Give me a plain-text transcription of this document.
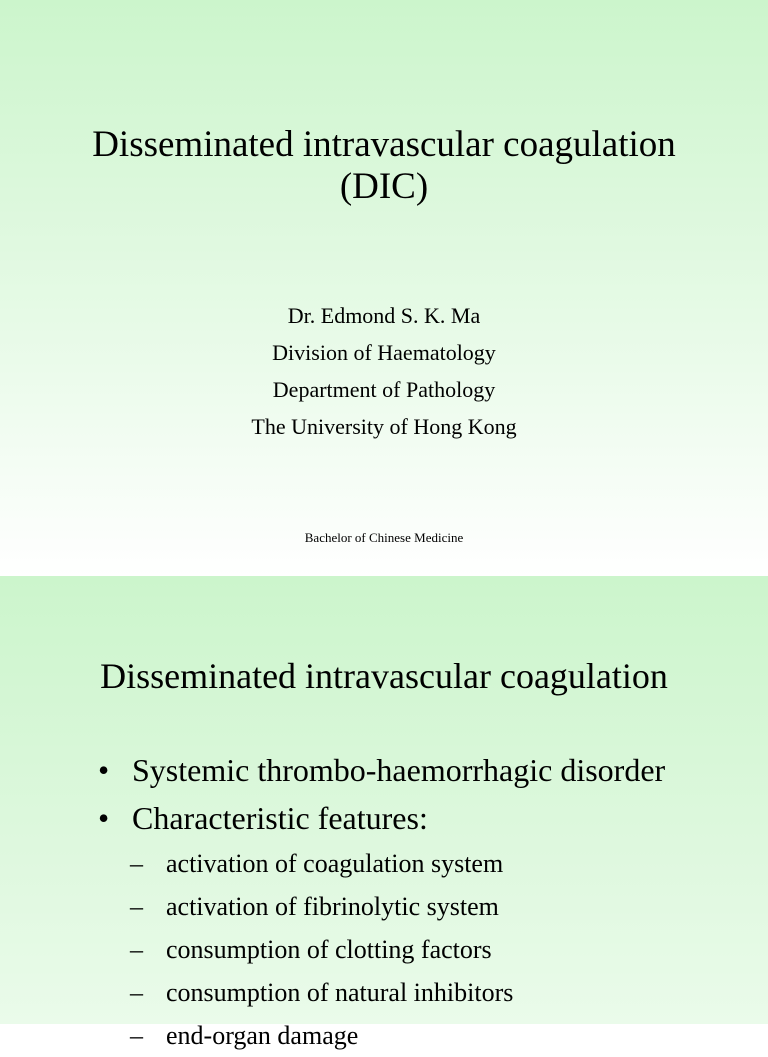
Disseminated intravascular coagulation
(DIC)
Dr. Edmond S. K. Ma
Division of Haematology
Department of Pathology
The University of Hong Kong
Bachelor of Chinese Medicine
Disseminated intravascular coagulation
• Systemic thrombo-haemorrhagic disorder
• Characteristic features:
– activation of coagulation system
– activation of fibrinolytic system
– consumption of clotting factors
– consumption of natural inhibitors
– end-organ damage
